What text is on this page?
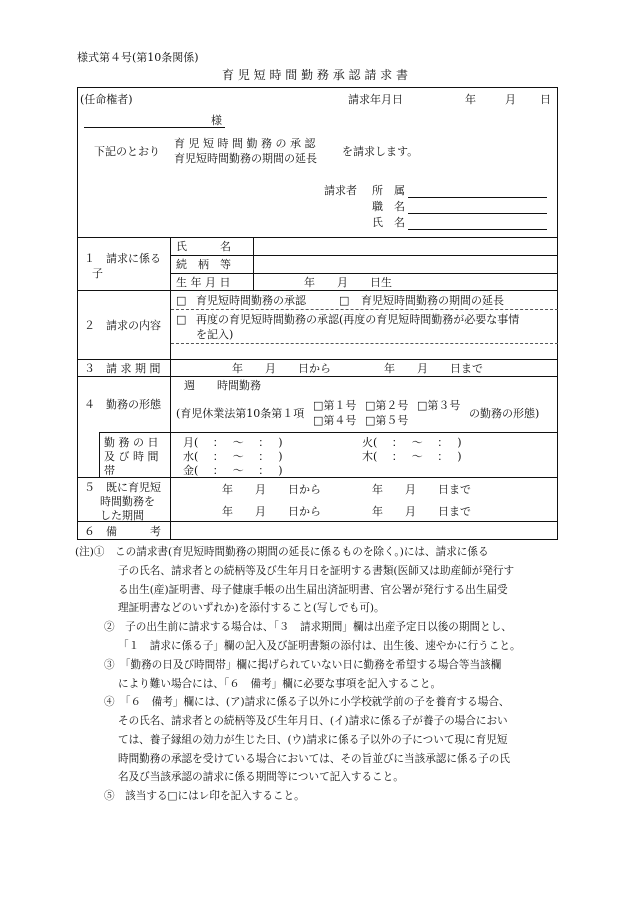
様式第４号(第10条関係)
育 児 短 時 間 勤 務 承 認 請 求 書
(任命権者)	請求年月日	年	月 日
様
下記のとおり
育 児 短 時 間 勤 務 の 承 認
育児短時間勤務の期間の延長
を請求します。
請求者 所　属
職　名
氏　名
１　請求に係る
子
氏　　　名
続　柄　等
生 年 月 日	年　　月　　日生
２　請求の内容
□ 育児短時間勤務の承認	□ 育児短時間勤務の期間の延長
□ 再度の育児短時間勤務の承認(再度の育児短時間勤務が必要な事情
を記入)
３　請 求 期 間	年　　月　　日から	年　　月　　日まで
４　勤務の形態
週　　時間勤務
(育児休業法第10条第１項
□第１号 □第２号 □第３号
□第４号 □第５号
の勤務の形態)
勤 務 の 日
及 び 時 間
帯
月(　 ：　 〜　 ：　 )	火(　 ：　 〜　 ：　 )
水(　 ：　 〜　 ：　 )	木(　 ：　 〜　 ：　 )
金(　 ：　 〜　 ：　 )
５　既に育児短
時間勤務を
した期間
年　　月　　日から	年　　月　　日まで
年　　月　　日から	年　　月　　日まで
６　備　　　考
(注)①　この請求書(育児短時間勤務の期間の延長に係るものを除く。)には、請求に係る
子の氏名、請求者との続柄等及び生年月日を証明する書類(医師又は助産師が発行す
る出生(産)証明書、母子健康手帳の出生届出済証明書、官公署が発行する出生届受
理証明書などのいずれか)を添付すること(写しでも可)。
②　子の出生前に請求する場合は、「３　請求期間」欄は出産予定日以後の期間とし、
「１　請求に係る子」欄の記入及び証明書類の添付は、出生後、速やかに行うこと。
③　「勤務の日及び時間帯」欄に掲げられていない日に勤務を希望する場合等当該欄
により難い場合には、「６　備考」欄に必要な事項を記入すること。
④　「６　備考」欄には、(ア)請求に係る子以外に小学校就学前の子を養育する場合、
その氏名、請求者との続柄等及び生年月日、(イ)請求に係る子が養子の場合におい
ては、養子縁組の効力が生じた日、(ウ)請求に係る子以外の子について現に育児短
時間勤務の承認を受けている場合においては、その旨並びに当該承認に係る子の氏
名及び当該承認の請求に係る期間等について記入すること。
⑤　該当する□にはレ印を記入すること。
